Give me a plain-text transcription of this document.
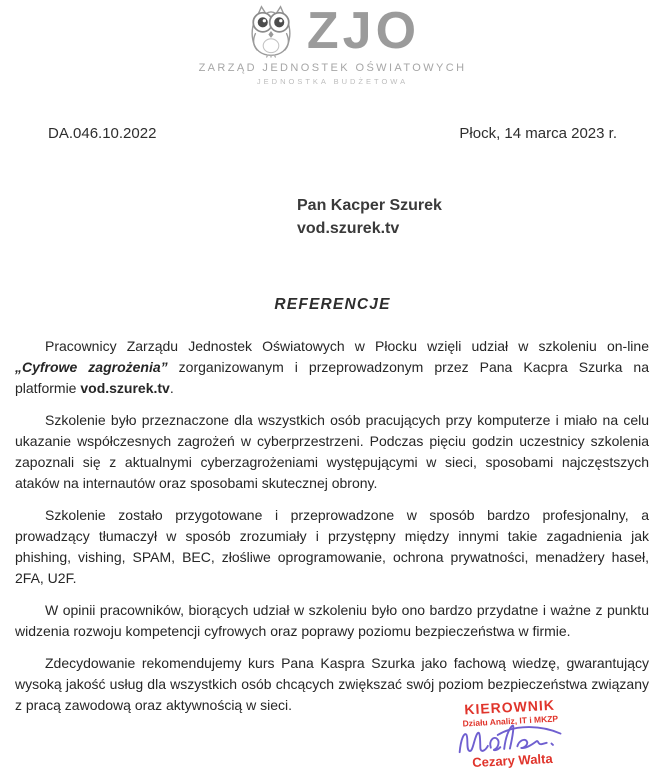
ZJO
ZARZĄD JEDNOSTEK OŚWIATOWYCH
JEDNOSTKA BUDŻETOWA
DA.046.10.2022	Płock, 14 marca 2023 r.
Pan Kacper Szurek
vod.szurek.tv
REFERENCJE

Pracownicy Zarządu Jednostek Oświatowych w Płocku wzięli udział w szkoleniu on-line „Cyfrowe zagrożenia” zorganizowanym i przeprowadzonym przez Pana Kacpra Szurka na platformie vod.szurek.tv.

Szkolenie było przeznaczone dla wszystkich osób pracujących przy komputerze i miało na celu ukazanie współczesnych zagrożeń w cyberprzestrzeni. Podczas pięciu godzin uczestnicy szkolenia zapoznali się z aktualnymi cyberzagrożeniami występującymi w sieci, sposobami najczęstszych ataków na internautów oraz sposobami skutecznej obrony.

Szkolenie zostało przygotowane i przeprowadzone w sposób bardzo profesjonalny, a prowadzący tłumaczył w sposób zrozumiały i przystępny między innymi takie zagadnienia jak phishing, vishing, SPAM, BEC, złośliwe oprogramowanie, ochrona prywatności, menadżery haseł, 2FA, U2F.

W opinii pracowników, biorących udział w szkoleniu było ono bardzo przydatne i ważne z punktu widzenia rozwoju kompetencji cyfrowych oraz poprawy poziomu bezpieczeństwa w firmie.

Zdecydowanie rekomendujemy kurs Pana Kaspra Szurka jako fachową wiedzę, gwarantujący wysoką jakość usług dla wszystkich osób chcących zwiększać swój poziom bezpieczeństwa związany z pracą zawodową oraz aktywnością w sieci.	KIEROWNIK
Działu Analiz, IT i MKZP
Cezary Walta
